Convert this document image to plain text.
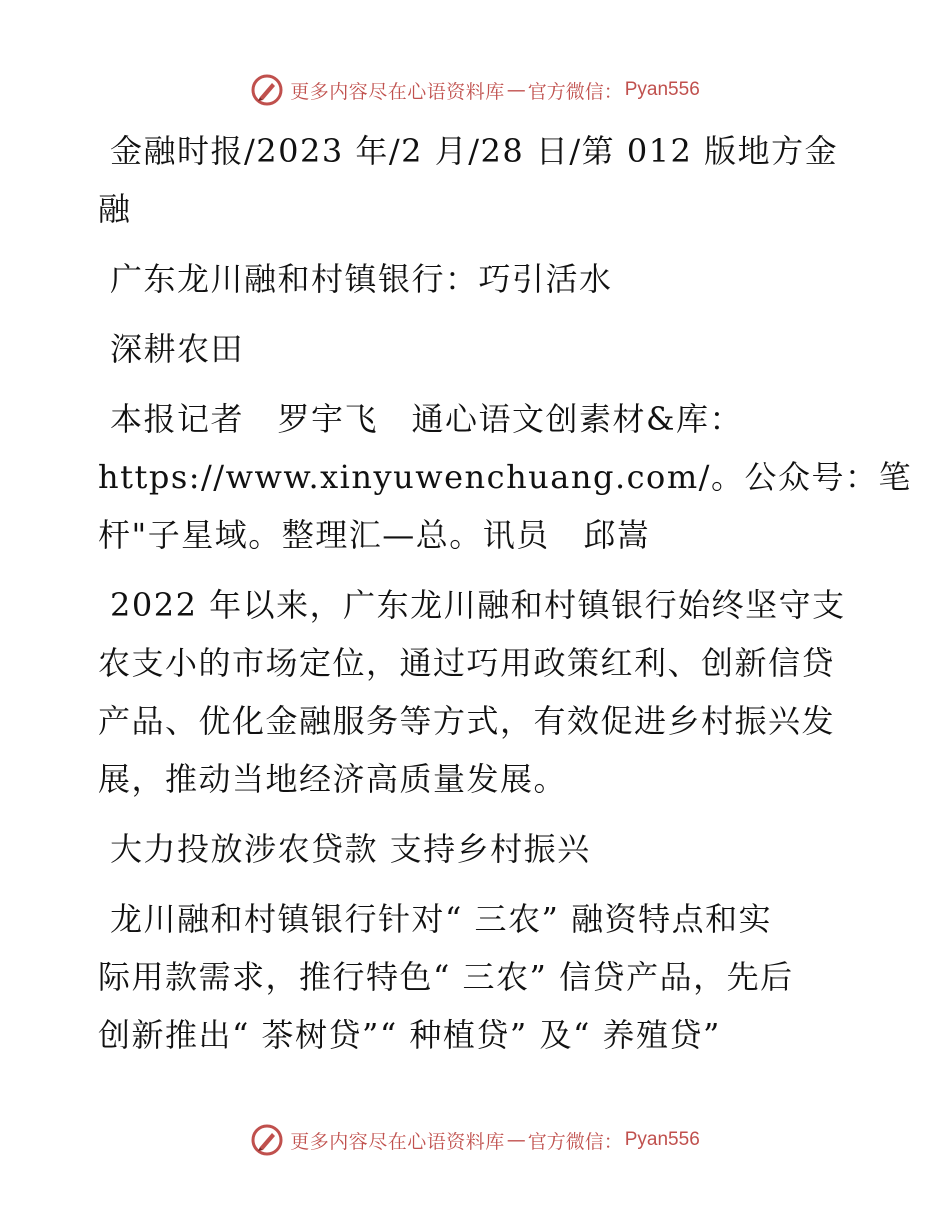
更多内容尽在心语资料库 — 官方微信： Pyan556

金融时报/2023 年/2 月/28 日/第 012 版地方金
融

广东龙川融和村镇银行：巧引活水

深耕农田

本报记者　罗宇飞　通心语文创素材&库：
https://www.xinyuwenchuang.com/。公众号：笔
杆"子星域。整理汇—总。讯员　邱嵩

2022 年以来，广东龙川融和村镇银行始终坚守支
农支小的市场定位，通过巧用政策红利、创新信贷
产品、优化金融服务等方式，有效促进乡村振兴发
展，推动当地经济高质量发展。

大力投放涉农贷款 支持乡村振兴

龙川融和村镇银行针对“ 三农” 融资特点和实
际用款需求，推行特色“ 三农” 信贷产品，先后
创新推出“ 茶树贷”“ 种植贷” 及“ 养殖贷”

更多内容尽在心语资料库 — 官方微信： Pyan556
